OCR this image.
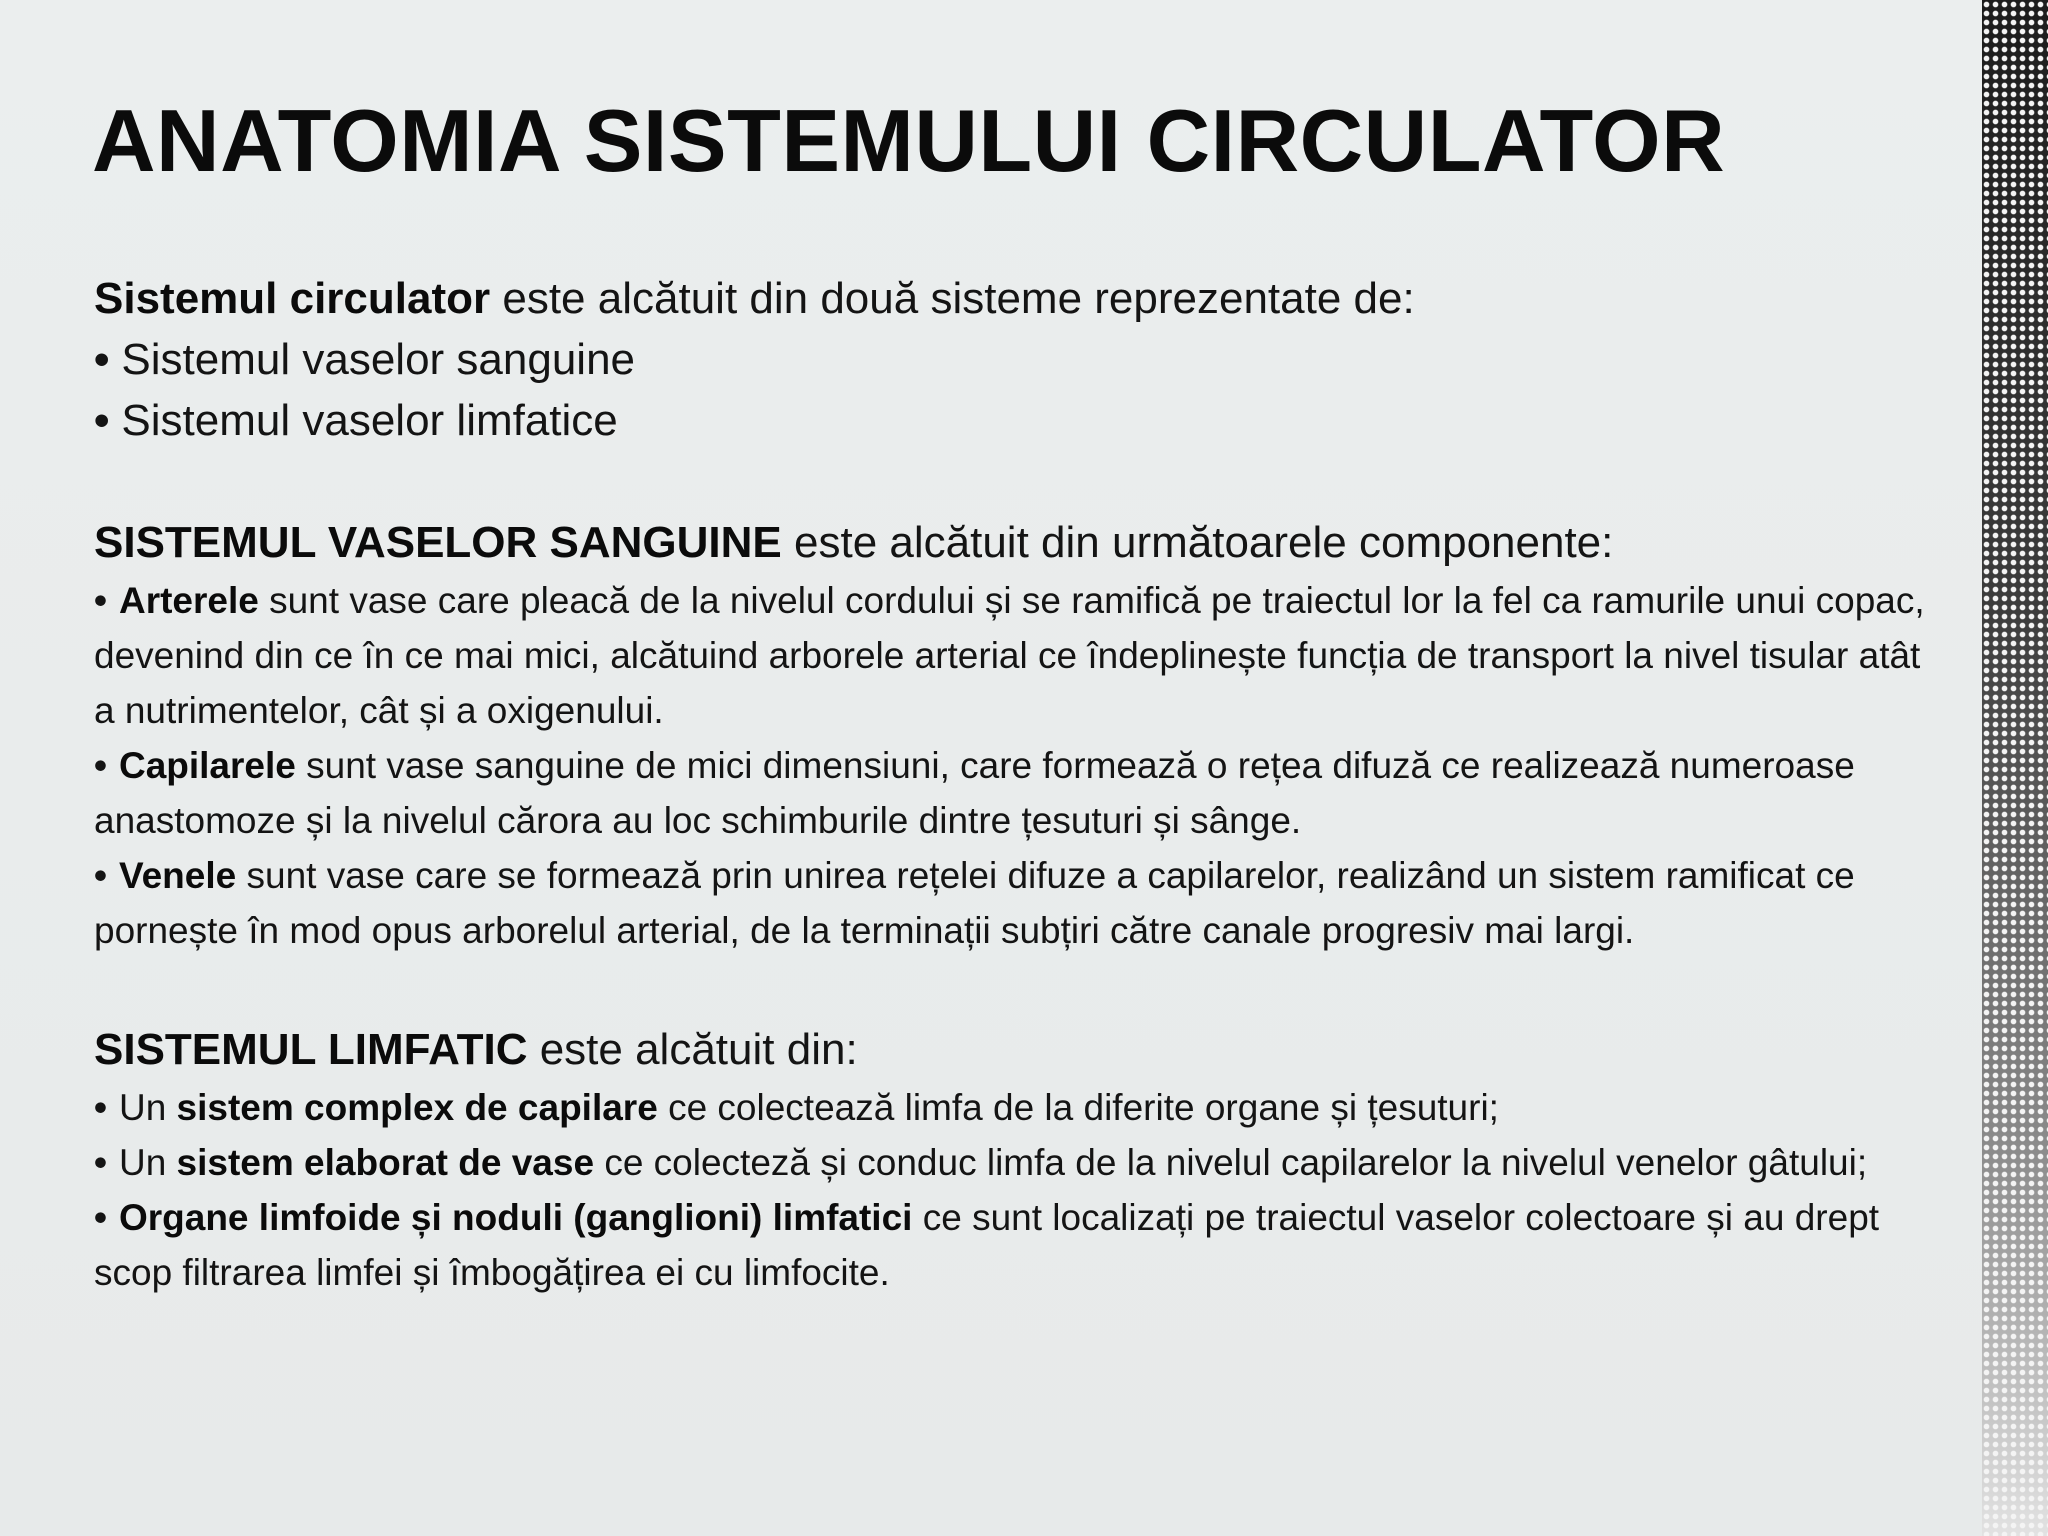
ANATOMIA SISTEMULUI CIRCULATOR

Sistemul circulator este alcătuit din două sisteme reprezentate de:

• Sistemul vaselor sanguine
• Sistemul vaselor limfatice

SISTEMUL VASELOR SANGUINE este alcătuit din următoarele componente:

• Arterele sunt vase care pleacă de la nivelul cordului și se ramifică pe traiectul lor la fel ca ramurile unui copac, devenind din ce în ce mai mici, alcătuind arborele arterial ce îndeplinește funcția de transport la nivel tisular atât a nutrimentelor, cât și a oxigenului.
• Capilarele sunt vase sanguine de mici dimensiuni, care formează o rețea difuză ce realizează numeroase anastomoze și la nivelul cărora au loc schimburile dintre țesuturi și sânge.
• Venele sunt vase care se formează prin unirea rețelei difuze a capilarelor, realizând un sistem ramificat ce pornește în mod opus arborelul arterial, de la terminații subțiri către canale progresiv mai largi.

SISTEMUL LIMFATIC este alcătuit din:

• Un sistem complex de capilare ce colectează limfa de la diferite organe și țesuturi;
• Un sistem elaborat de vase ce colecteză și conduc limfa de la nivelul capilarelor la nivelul venelor gâtului;
• Organe limfoide și noduli (ganglioni) limfatici ce sunt localizați pe traiectul vaselor colectoare și au drept scop filtrarea limfei și îmbogățirea ei cu limfocite.
